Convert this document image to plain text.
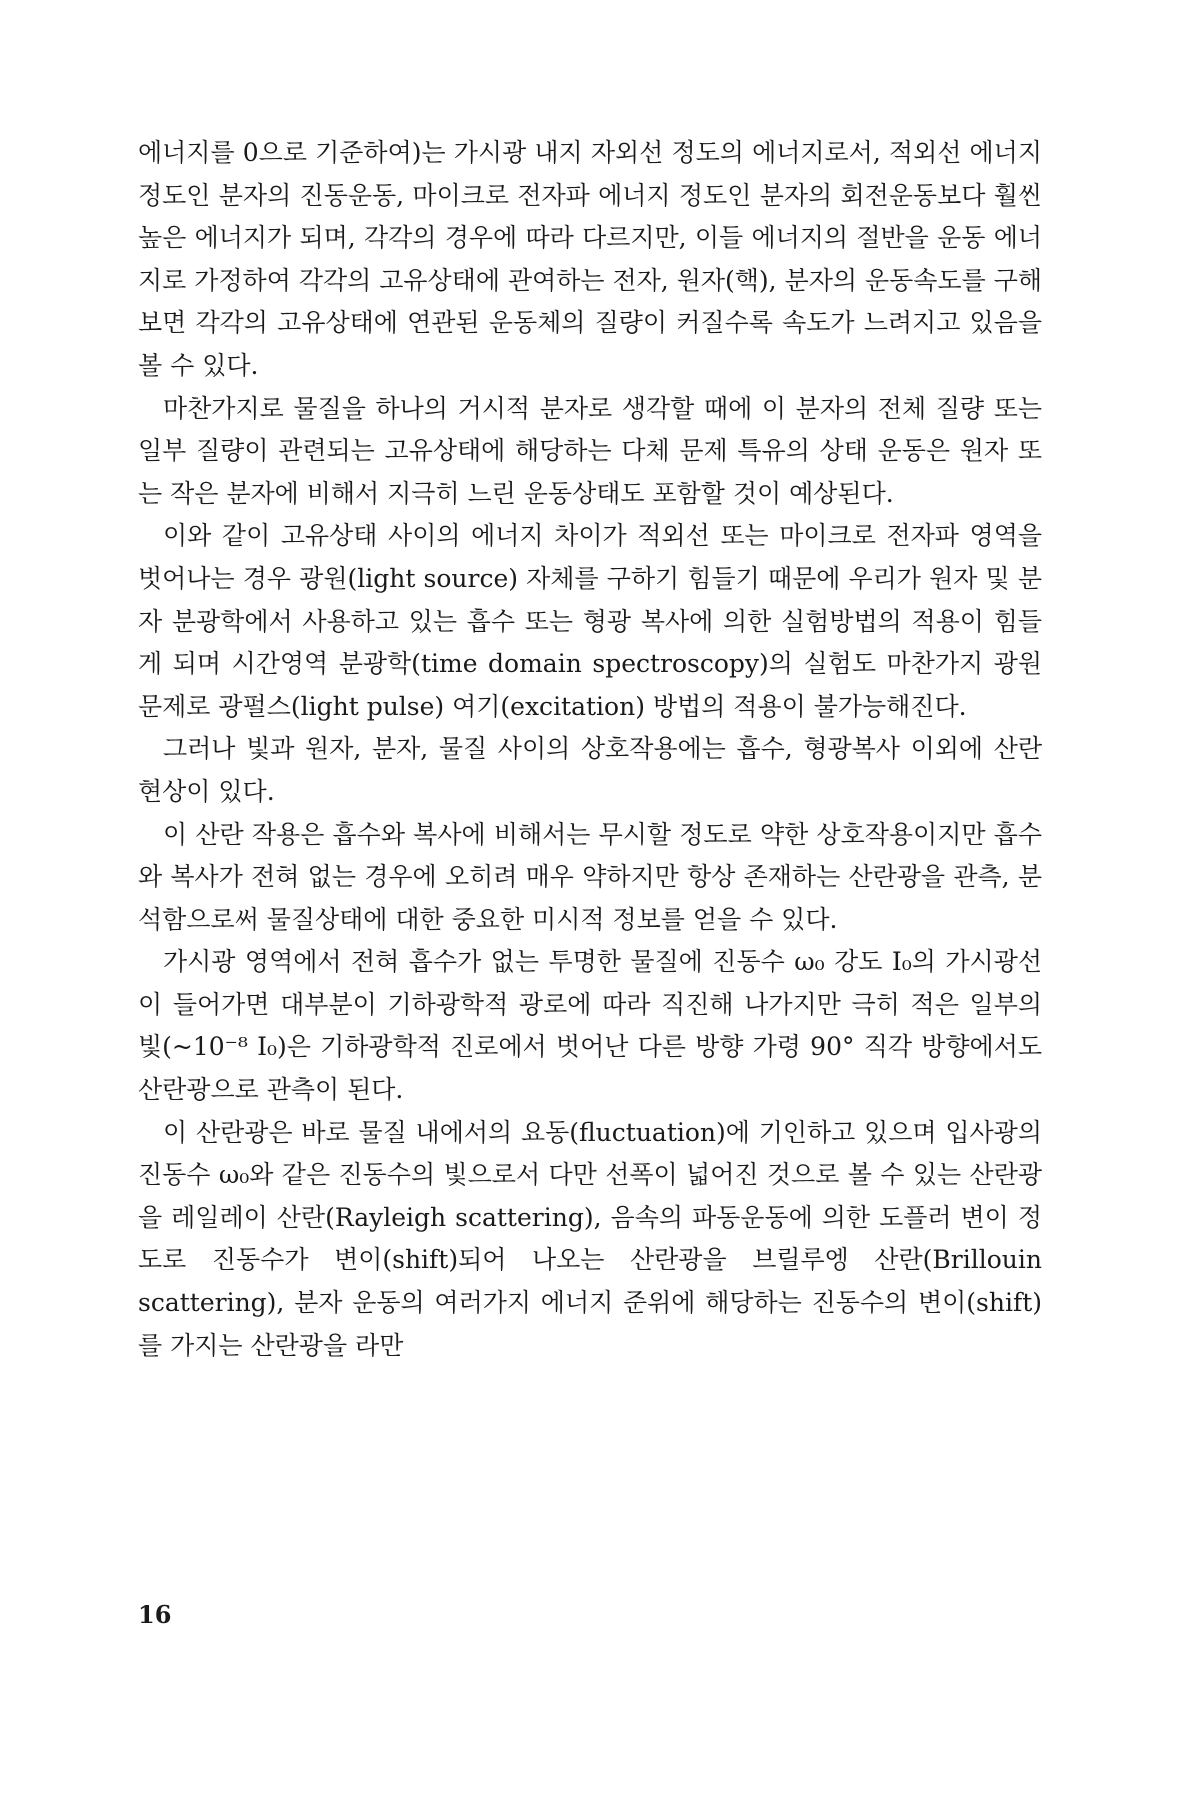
에너지를 0으로 기준하여)는 가시광 내지 자외선 정도의 에너지로서, 적외선 에너지 정도인 분자의 진동운동, 마이크로 전자파 에너지 정도인 분자의 회전운동보다 훨씬 높은 에너지가 되며, 각각의 경우에 따라 다르지만, 이들 에너지의 절반을 운동 에너지로 가정하여 각각의 고유상태에 관여하는 전자, 원자(핵), 분자의 운동속도를 구해 보면 각각의 고유상태에 연관된 운동체의 질량이 커질수록 속도가 느려지고 있음을 볼 수 있다.

마찬가지로 물질을 하나의 거시적 분자로 생각할 때에 이 분자의 전체 질량 또는 일부 질량이 관련되는 고유상태에 해당하는 다체 문제 특유의 상태 운동은 원자 또는 작은 분자에 비해서 지극히 느린 운동상태도 포함할 것이 예상된다.

이와 같이 고유상태 사이의 에너지 차이가 적외선 또는 마이크로 전자파 영역을 벗어나는 경우 광원(light source) 자체를 구하기 힘들기 때문에 우리가 원자 및 분자 분광학에서 사용하고 있는 흡수 또는 형광 복사에 의한 실험방법의 적용이 힘들게 되며 시간영역 분광학(time domain spectroscopy)의 실험도 마찬가지 광원 문제로 광펄스(light pulse) 여기(excitation) 방법의 적용이 불가능해진다.

그러나 빛과 원자, 분자, 물질 사이의 상호작용에는 흡수, 형광복사 이외에 산란 현상이 있다.

이 산란 작용은 흡수와 복사에 비해서는 무시할 정도로 약한 상호작용이지만 흡수와 복사가 전혀 없는 경우에 오히려 매우 약하지만 항상 존재하는 산란광을 관측, 분석함으로써 물질상태에 대한 중요한 미시적 정보를 얻을 수 있다.

가시광 영역에서 전혀 흡수가 없는 투명한 물질에 진동수 ω₀ 강도 I₀의 가시광선이 들어가면 대부분이 기하광학적 광로에 따라 직진해 나가지만 극히 적은 일부의 빛(~10⁻⁸ I₀)은 기하광학적 진로에서 벗어난 다른 방향 가령 90° 직각 방향에서도 산란광으로 관측이 된다.

이 산란광은 바로 물질 내에서의 요동(fluctuation)에 기인하고 있으며 입사광의 진동수 ω₀와 같은 진동수의 빛으로서 다만 선폭이 넓어진 것으로 볼 수 있는 산란광을 레일레이 산란(Rayleigh scattering), 음속의 파동운동에 의한 도플러 변이 정도로 진동수가 변이(shift)되어 나오는 산란광을 브릴루엥 산란(Brillouin scattering), 분자 운동의 여러가지 에너지 준위에 해당하는 진동수의 변이(shift)를 가지는 산란광을 라만

16
